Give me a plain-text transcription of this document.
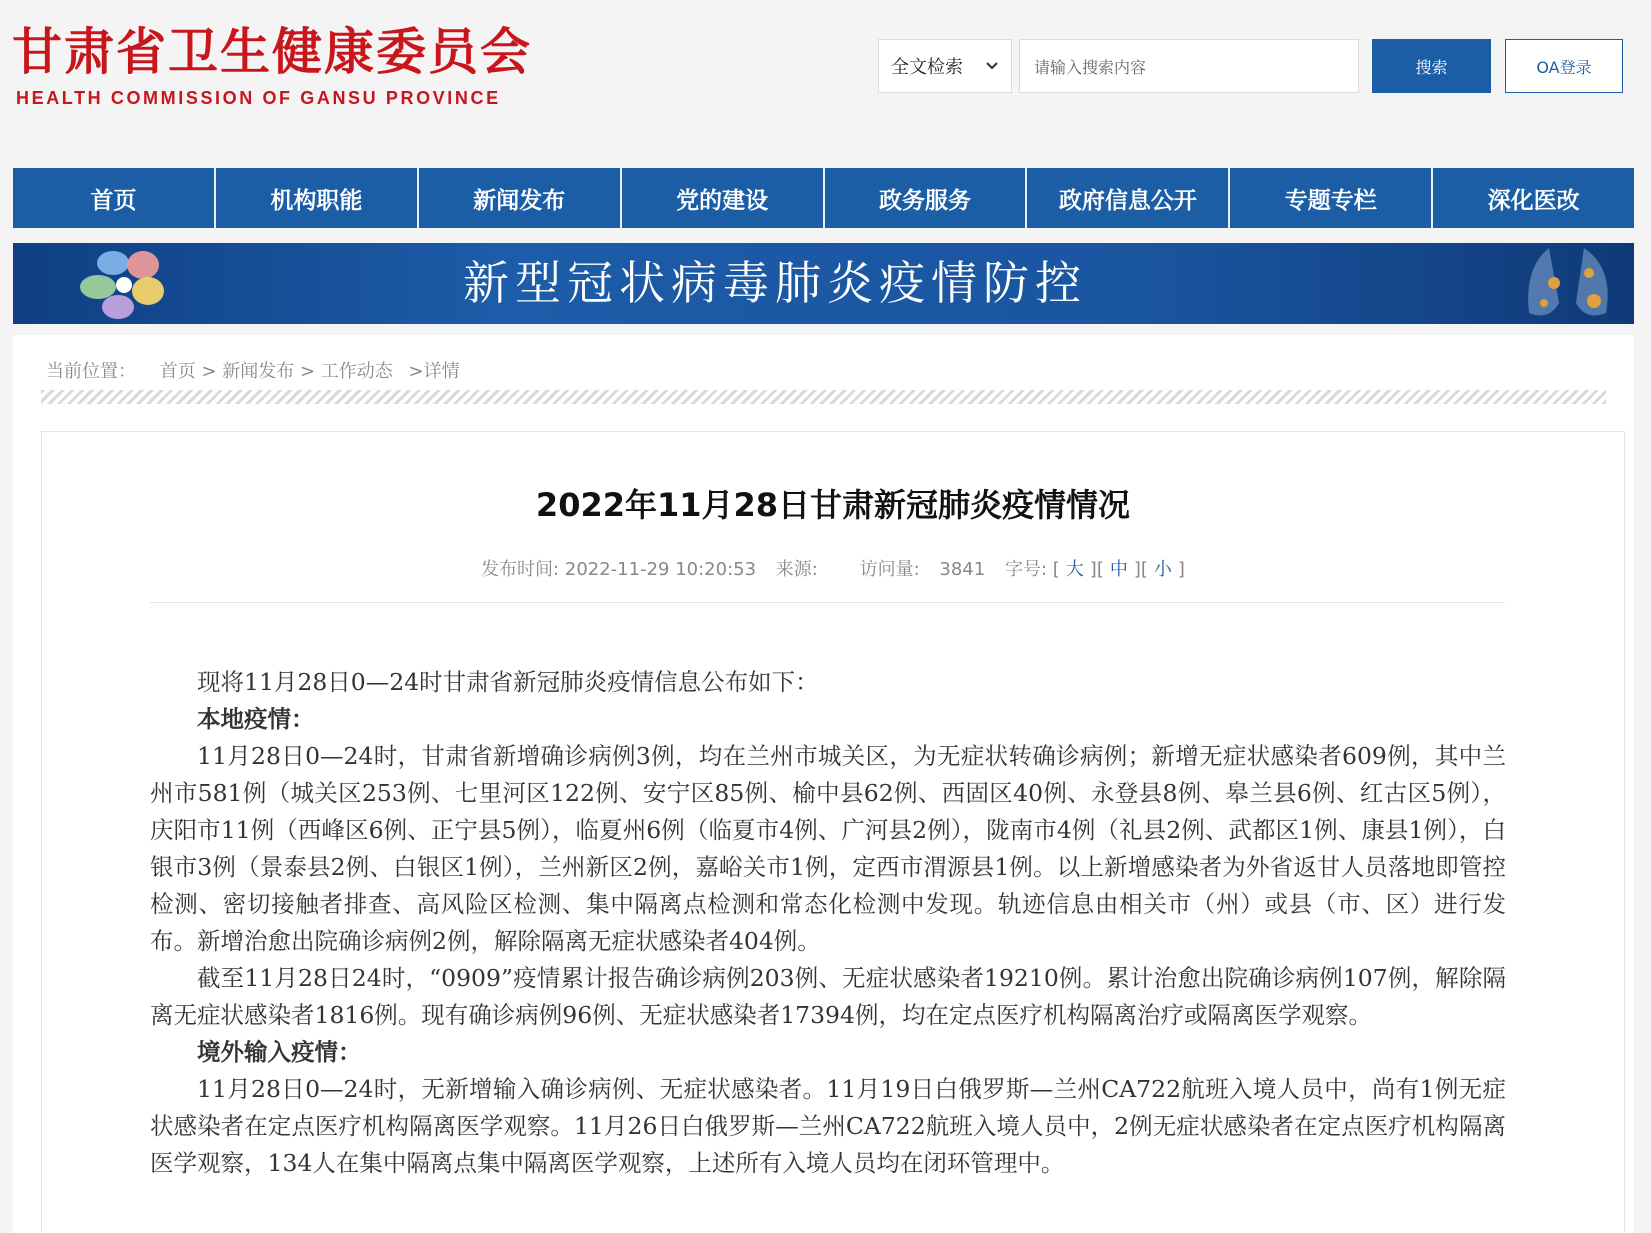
甘肃省卫生健康委员会
HEALTH COMMISSION OF GANSU PROVINCE
全文检索	请输入搜索内容	搜索	OA登录
首页	机构职能	新闻发布	党的建设	政务服务	政府信息公开	专题专栏	深化医改
新型冠状病毒肺炎疫情防控
当前位置： 首页 > 新闻发布 > 工作动态 >详情
2022年11月28日甘肃新冠肺炎疫情情况
发布时间: 2022-11-29 10:20:53 来源: 访问量: 3841 字号: [ 大 ][ 中 ][ 小 ]

现将11月28日0—24时甘肃省新冠肺炎疫情信息公布如下：

本地疫情：

11月28日0—24时，甘肃省新增确诊病例3例，均在兰州市城关区，为无症状转确诊病例；新增无症状感染者609例，其中兰州市581例（城关区253例、七里河区122例、安宁区85例、榆中县62例、西固区40例、永登县8例、皋兰县6例、红古区5例），庆阳市11例（西峰区6例、正宁县5例），临夏州6例（临夏市4例、广河县2例），陇南市4例（礼县2例、武都区1例、康县1例），白银市3例（景泰县2例、白银区1例），兰州新区2例，嘉峪关市1例，定西市渭源县1例。以上新增感染者为外省返甘人员落地即管控检测、密切接触者排查、高风险区检测、集中隔离点检测和常态化检测中发现。轨迹信息由相关市（州）或县（市、区）进行发布。新增治愈出院确诊病例2例，解除隔离无症状感染者404例。

截至11月28日24时，“0909”疫情累计报告确诊病例203例、无症状感染者19210例。累计治愈出院确诊病例107例，解除隔离无症状感染者1816例。现有确诊病例96例、无症状感染者17394例，均在定点医疗机构隔离治疗或隔离医学观察。

境外输入疫情：

11月28日0—24时，无新增输入确诊病例、无症状感染者。11月19日白俄罗斯—兰州CA722航班入境人员中，尚有1例无症状感染者在定点医疗机构隔离医学观察。11月26日白俄罗斯—兰州CA722航班入境人员中，2例无症状感染者在定点医疗机构隔离医学观察，134人在集中隔离点集中隔离医学观察，上述所有入境人员均在闭环管理中。
